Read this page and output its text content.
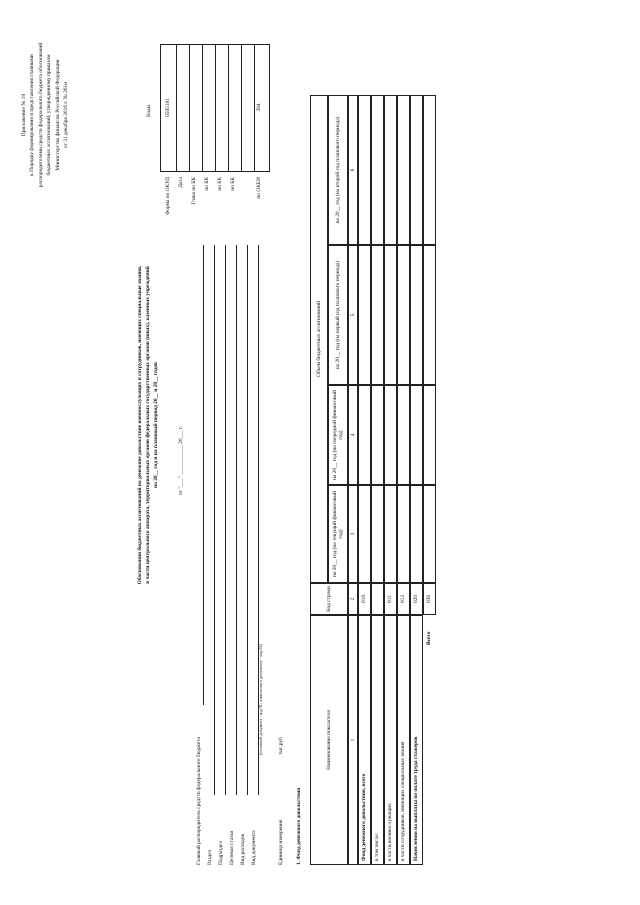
Приложение № 18 к Порядку формирования и представления главными распорядителями средств федерального бюджета обоснований бюджетных ассигнований, утвержденному приказом Министерства финансов Российской Федерации от 31 декабря 2016 г. № 261н
Обоснования бюджетных ассигнований на денежное довольствие военнослужащих и сотрудников, имеющих специальные звания, в части центрального аппарата, территориальных органов федеральных государственных органов (иных), казенных учреждений на 20__ год и на плановый период 20__ и 20__ годов	от "___" ___________ 20___ г.
Коды
Форма по ОКУД
0505181
Дата Глава по БК по БК по БК по БК	по ОКЕИ
384
Главный распорядитель средств федерального бюджета Раздел Подраздел Целевая статья Вид расходов Вид документа
(основной документ - код 01; изменения к документу - код 02)
Единица измерения
тыс.руб
1. Фонд денежного довольствия
Наименование показателя
Код строки
Объем бюджетных ассигнований
на 20__ год (на текущий финансовый год)
на 20__ год (на очередной финансовый год)
на 20__ год (на первый год планового периода)
на 20__ год (на второй год планового периода)
1
2
3
4
5
6
Фонд денежного довольствия, всего
010
в том числе: в части военнослужащих
011
в части сотрудников, имеющих специальные звания
012
Начисления на выплаты по оплате труда стажеров
020
Всего
030
